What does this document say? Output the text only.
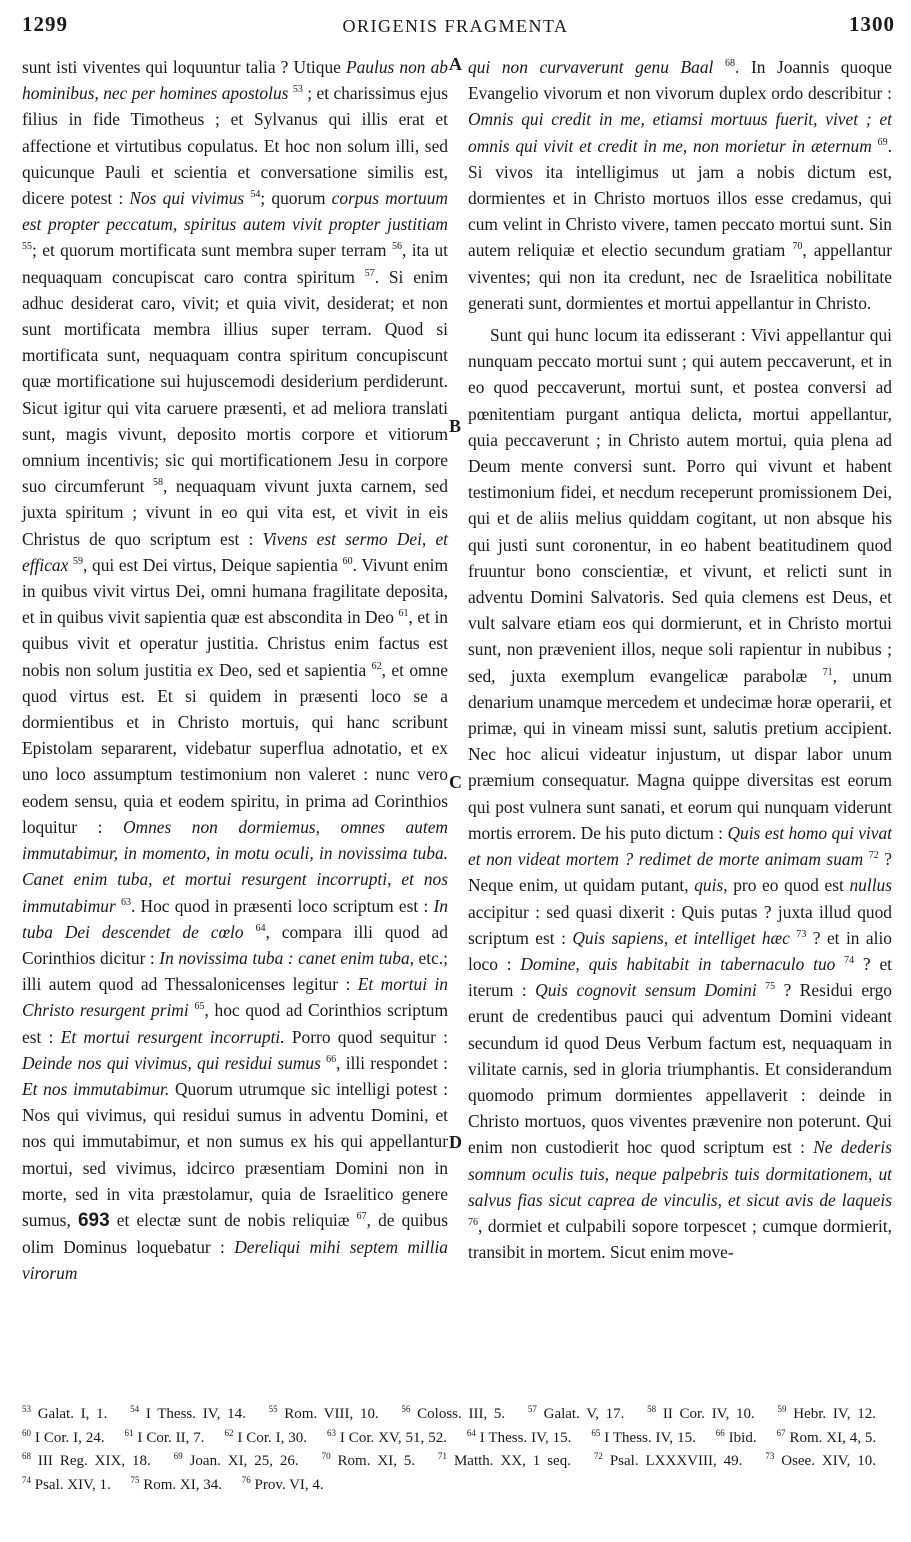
1299	ORIGENIS FRAGMENTA	1300

sunt isti viventes qui loquuntur talia ? Utique Paulus non ab hominibus, nec per homines apostolus $^{53}$ ; et charissimus ejus filius in fide Timotheus ; et Sylvanus qui illis erat et affectione et virtutibus copulatus. Et hoc non solum illi, sed quicunque Pauli et scientia et conversatione similis est, dicere potest : Nos qui vivimus $^{54}$; quorum corpus mortuum est propter peccatum, spiritus autem vivit propter justitiam $^{55}$; et quorum mortificata sunt membra super terram $^{56}$, ita ut nequaquam concupiscat caro contra spiritum $^{57}$. Si enim adhuc desiderat caro, vivit; et quia vivit, desiderat; et non sunt mortificata membra illius super terram. Quod si mortificata sunt, nequaquam contra spiritum concupiscunt quæ mortificatione sui hujuscemodi desiderium perdiderunt. Sicut igitur qui vita caruere præsenti, et ad meliora translati sunt, magis vivunt, deposito mortis corpore et vitiorum omnium incentivis; sic qui mortificationem Jesu in corpore suo circumferunt $^{58}$, nequaquam vivunt juxta carnem, sed juxta spiritum ; vivunt in eo qui vita est, et vivit in eis Christus de quo scriptum est : Vivens est sermo Dei, et efficax $^{59}$, qui est Dei virtus, Deique sapientia $^{60}$. Vivunt enim in quibus vivit virtus Dei, omni humana fragilitate deposita, et in quibus vivit sapientia quæ est abscondita in Deo $^{61}$, et in quibus vivit et operatur justitia. Christus enim factus est nobis non solum justitia ex Deo, sed et sapientia $^{62}$, et omne quod virtus est. Et si quidem in præsenti loco se a dormientibus et in Christo mortuis, qui hanc scribunt Epistolam separarent, videbatur superflua adnotatio, et ex uno loco assumptum testimonium non valeret : nunc vero eodem sensu, quia et eodem spiritu, in prima ad Corinthios loquitur : Omnes non dormiemus, omnes autem immutabimur, in momento, in motu oculi, in novissima tuba. Canet enim tuba, et mortui resurgent incorrupti, et nos immutabimur $^{63}$. Hoc quod in præsenti loco scriptum est : In tuba Dei descendet de cœlo $^{64}$, compara illi quod ad Corinthios dicitur : In novissima tuba : canet enim tuba, etc.; illi autem quod ad Thessalonicenses legitur : Et mortui in Christo resurgent primi $^{65}$, hoc quod ad Corinthios scriptum est : Et mortui resurgent incorrupti. Porro quod sequitur : Deinde nos qui vivimus, qui residui sumus $^{66}$, illi respondet : Et nos immutabimur. Quorum utrumque sic intelligi potest : Nos qui vivimus, qui residui sumus in adventu Domini, et nos qui immutabimur, et non sumus ex his qui appellantur mortui, sed vivimus, idcirco præsentiam Domini non in morte, sed in vita præstolamur, quia de Israelitico genere sumus, 693 et electæ sunt de nobis reliquiæ $^{67}$, de quibus olim Dominus loquebatur : Dereliqui mihi septem millia virorum

qui non curvaverunt genu Baal $^{68}$. In Joannis quoque Evangelio vivorum et non vivorum duplex ordo describitur : Omnis qui credit in me, etiamsi mortuus fuerit, vivet ; et omnis qui vivit et credit in me, non morietur in æternum $^{69}$. Si vivos ita intelligimus ut jam a nobis dictum est, dormientes et in Christo mortuos illos esse credamus, qui cum velint in Christo vivere, tamen peccato mortui sunt. Sin autem reliquiæ et electio secundum gratiam $^{70}$, appellantur viventes; qui non ita credunt, nec de Israelitica nobilitate generati sunt, dormientes et mortui appellantur in Christo.

Sunt qui hunc locum ita edisserant : Vivi appellantur qui nunquam peccato mortui sunt ; qui autem peccaverunt, et in eo quod peccaverunt, mortui sunt, et postea conversi ad pœnitentiam purgant antiqua delicta, mortui appellantur, quia peccaverunt ; in Christo autem mortui, quia plena ad Deum mente conversi sunt. Porro qui vivunt et habent testimonium fidei, et necdum receperunt promissionem Dei, qui et de aliis melius quiddam cogitant, ut non absque his qui justi sunt coronentur, in eo habent beatitudinem quod fruuntur bono conscientiæ, et vivunt, et relicti sunt in adventu Domini Salvatoris. Sed quia clemens est Deus, et vult salvare etiam eos qui dormierunt, et in Christo mortui sunt, non prævenient illos, neque soli rapientur in nubibus ; sed, juxta exemplum evangelicæ parabolæ $^{71}$, unum denarium unamque mercedem et undecimæ horæ operarii, et primæ, qui in vineam missi sunt, salutis pretium accipient. Nec hoc alicui videatur injustum, ut dispar labor unum præmium consequatur. Magna quippe diversitas est eorum qui post vulnera sunt sanati, et eorum qui nunquam viderunt mortis errorem. De his puto dictum : Quis est homo qui vivat et non videat mortem ? redimet de morte animam suam $^{72}$ ? Neque enim, ut quidam putant, quis, pro eo quod est nullus accipitur : sed quasi dixerit : Quis putas ? juxta illud quod scriptum est : Quis sapiens, et intelliget hæc $^{73}$ ? et in alio loco : Domine, quis habitabit in tabernaculo tuo $^{74}$ ? et iterum : Quis cognovit sensum Domini $^{75}$ ? Residui ergo erunt de credentibus pauci qui adventum Domini videant secundum id quod Deus Verbum factum est, nequaquam in vilitate carnis, sed in gloria triumphantis. Et considerandum quomodo primum dormientes appellaverit : deinde in Christo mortuos, quos viventes prævenire non poterunt. Qui enim non custodierit hoc quod scriptum est : Ne dederis somnum oculis tuis, neque palpebris tuis dormitationem, ut salvus fias sicut caprea de vinculis, et sicut avis de laqueis $^{76}$, dormiet et culpabili sopore torpescet ; cumque dormierit, transibit in mortem. Sicut enim move-

A
B
C
D
$^{53}$ Galat. I, 1.	$^{54}$ I Thess. IV, 14.	$^{55}$ Rom. VIII, 10.	$^{56}$ Coloss. III, 5.	$^{57}$ Galat. V, 17.	$^{58}$ II Cor. IV, 10.	$^{59}$ Hebr. IV, 12. $^{60}$ I Cor. I, 24. $^{61}$ I Cor. II, 7. $^{62}$ I Cor. I, 30. $^{63}$ I Cor. XV, 51, 52. $^{64}$ I Thess. IV, 15. $^{65}$ I Thess. IV, 15. $^{66}$ Ibid. $^{67}$ Rom. XI, 4, 5. $^{68}$ III Reg. XIX, 18.	$^{69}$ Joan. XI, 25, 26.	$^{70}$ Rom. XI, 5.	$^{71}$ Matth. XX, 1 seq.	$^{72}$ Psal. LXXXVIII, 49.	$^{73}$ Osee. XIV, 10. $^{74}$ Psal. XIV, 1. $^{75}$ Rom. XI, 34. $^{76}$ Prov. VI, 4.
